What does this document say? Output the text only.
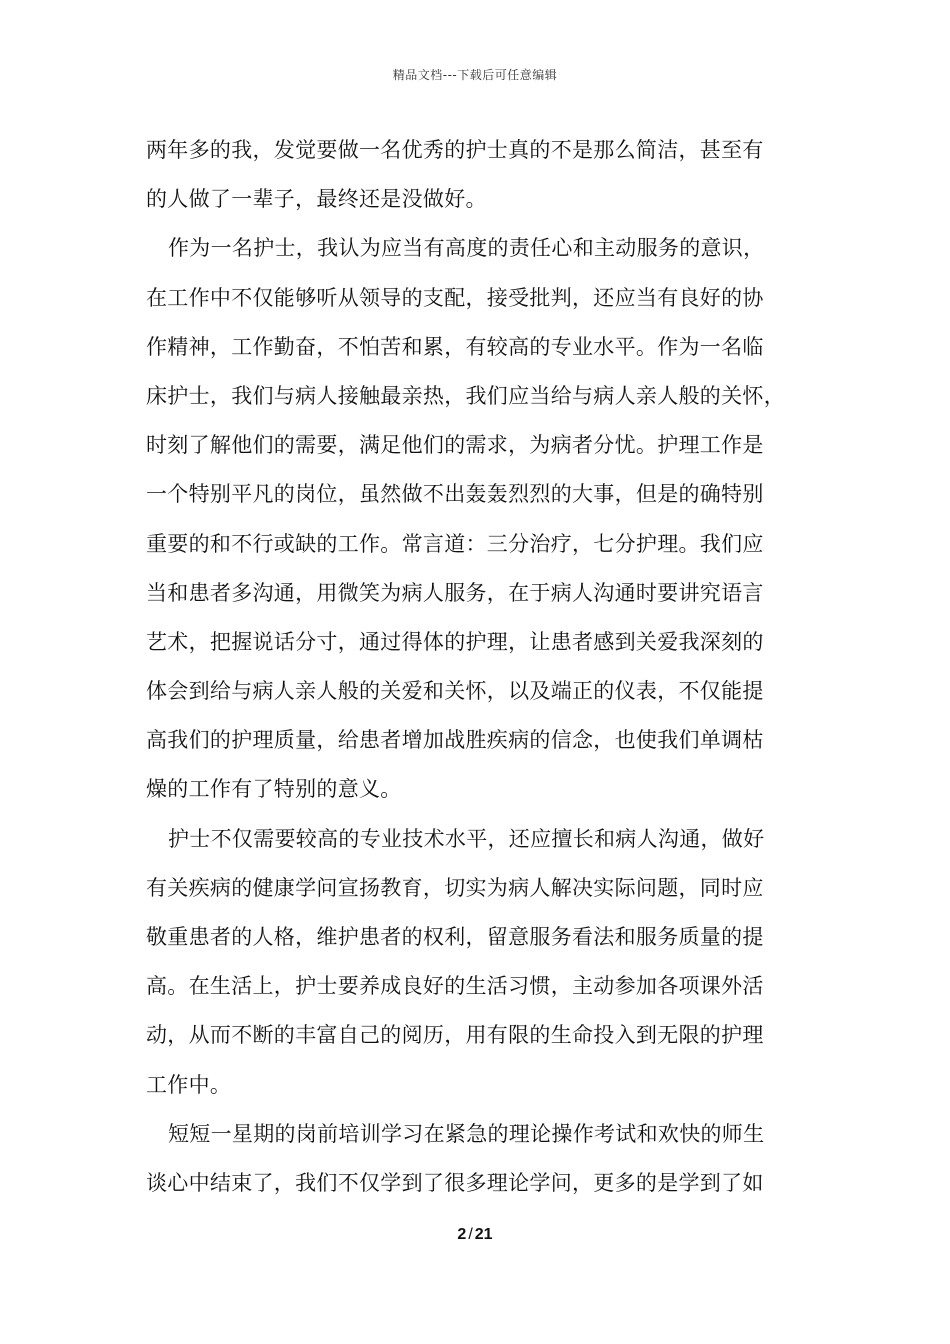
精品文档---下载后可任意编辑
两年多的我，发觉要做一名优秀的护士真的不是那么简洁，甚至有
的人做了一辈子，最终还是没做好。
作为一名护士，我认为应当有高度的责任心和主动服务的意识，
在工作中不仅能够听从领导的支配，接受批判，还应当有良好的协
作精神，工作勤奋，不怕苦和累，有较高的专业水平。作为一名临
床护士，我们与病人接触最亲热，我们应当给与病人亲人般的关怀，
时刻了解他们的需要，满足他们的需求，为病者分忧。护理工作是
一个特别平凡的岗位，虽然做不出轰轰烈烈的大事，但是的确特别
重要的和不行或缺的工作。常言道：三分治疗，七分护理。我们应
当和患者多沟通，用微笑为病人服务，在于病人沟通时要讲究语言
艺术，把握说话分寸，通过得体的护理，让患者感到关爱我深刻的
体会到给与病人亲人般的关爱和关怀，以及端正的仪表，不仅能提
高我们的护理质量，给患者增加战胜疾病的信念，也使我们单调枯
燥的工作有了特别的意义。
护士不仅需要较高的专业技术水平，还应擅长和病人沟通，做好
有关疾病的健康学问宣扬教育，切实为病人解决实际问题，同时应
敬重患者的人格，维护患者的权利，留意服务看法和服务质量的提
高。在生活上，护士要养成良好的生活习惯，主动参加各项课外活
动，从而不断的丰富自己的阅历，用有限的生命投入到无限的护理
工作中。
短短一星期的岗前培训学习在紧急的理论操作考试和欢快的师生
谈心中结束了，我们不仅学到了很多理论学问，更多的是学到了如
2 / 21
